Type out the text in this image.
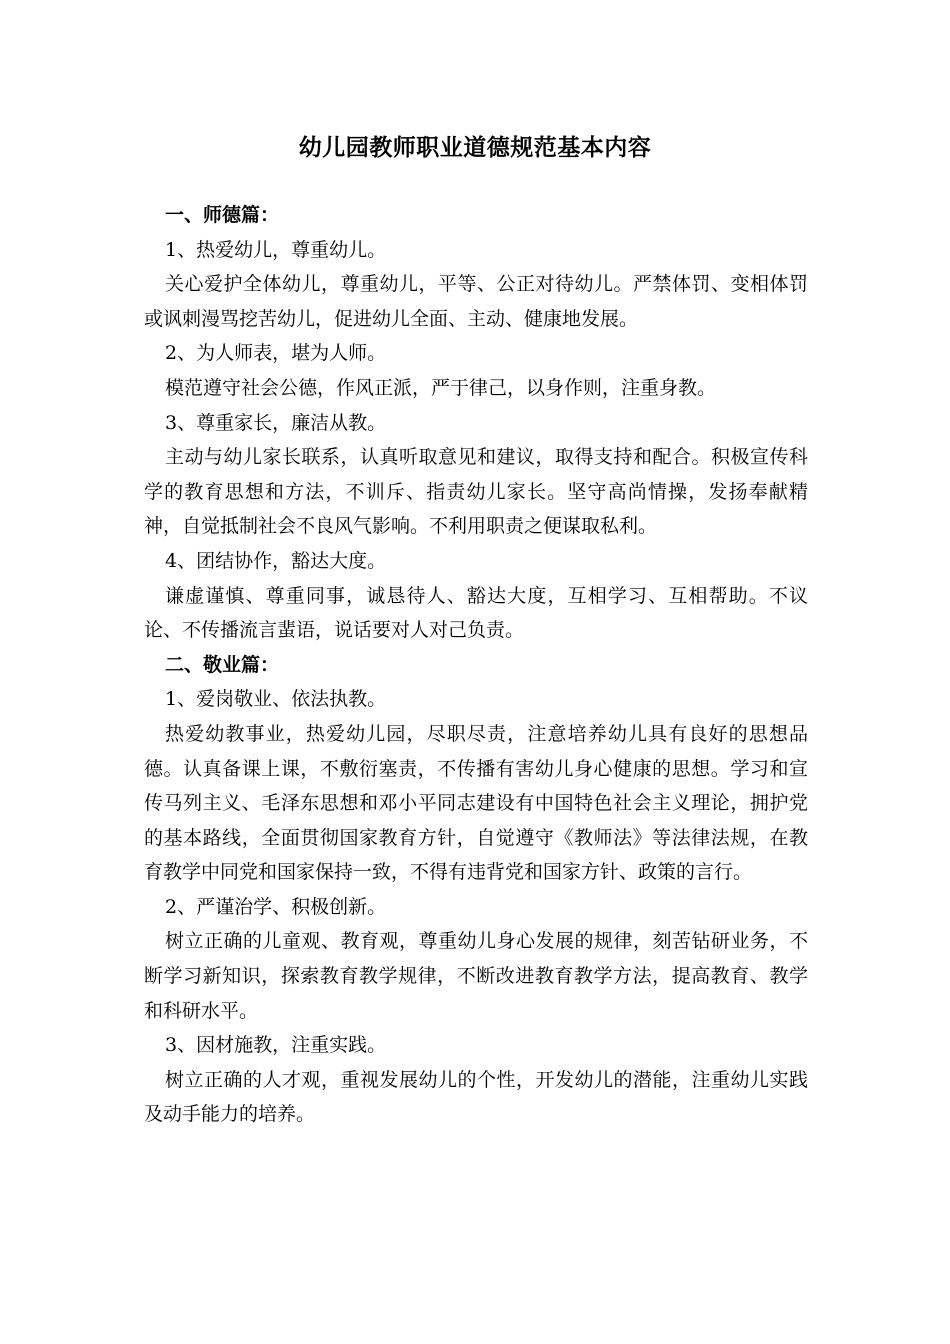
幼儿园教师职业道德规范基本内容

一、师德篇：

1、热爱幼儿，尊重幼儿。

关心爱护全体幼儿，尊重幼儿，平等、公正对待幼儿。严禁体罚、变相体罚或讽刺漫骂挖苦幼儿，促进幼儿全面、主动、健康地发展。

2、为人师表，堪为人师。

模范遵守社会公德，作风正派，严于律己，以身作则，注重身教。

3、尊重家长，廉洁从教。

主动与幼儿家长联系，认真听取意见和建议，取得支持和配合。积极宣传科学的教育思想和方法，不训斥、指责幼儿家长。坚守高尚情操，发扬奉献精神，自觉抵制社会不良风气影响。不利用职责之便谋取私利。

4、团结协作，豁达大度。

谦虚谨慎、尊重同事，诚恳待人、豁达大度，互相学习、互相帮助。不议论、不传播流言蜚语，说话要对人对己负责。

二、敬业篇：

1、爱岗敬业、依法执教。

热爱幼教事业，热爱幼儿园，尽职尽责，注意培养幼儿具有良好的思想品德。认真备课上课，不敷衍塞责，不传播有害幼儿身心健康的思想。学习和宣传马列主义、毛泽东思想和邓小平同志建设有中国特色社会主义理论，拥护党的基本路线，全面贯彻国家教育方针，自觉遵守《教师法》等法律法规，在教育教学中同党和国家保持一致，不得有违背党和国家方针、政策的言行。

2、严谨治学、积极创新。

树立正确的儿童观、教育观，尊重幼儿身心发展的规律，刻苦钻研业务，不断学习新知识，探索教育教学规律，不断改进教育教学方法，提高教育、教学和科研水平。

3、因材施教，注重实践。

树立正确的人才观，重视发展幼儿的个性，开发幼儿的潜能，注重幼儿实践及动手能力的培养。
